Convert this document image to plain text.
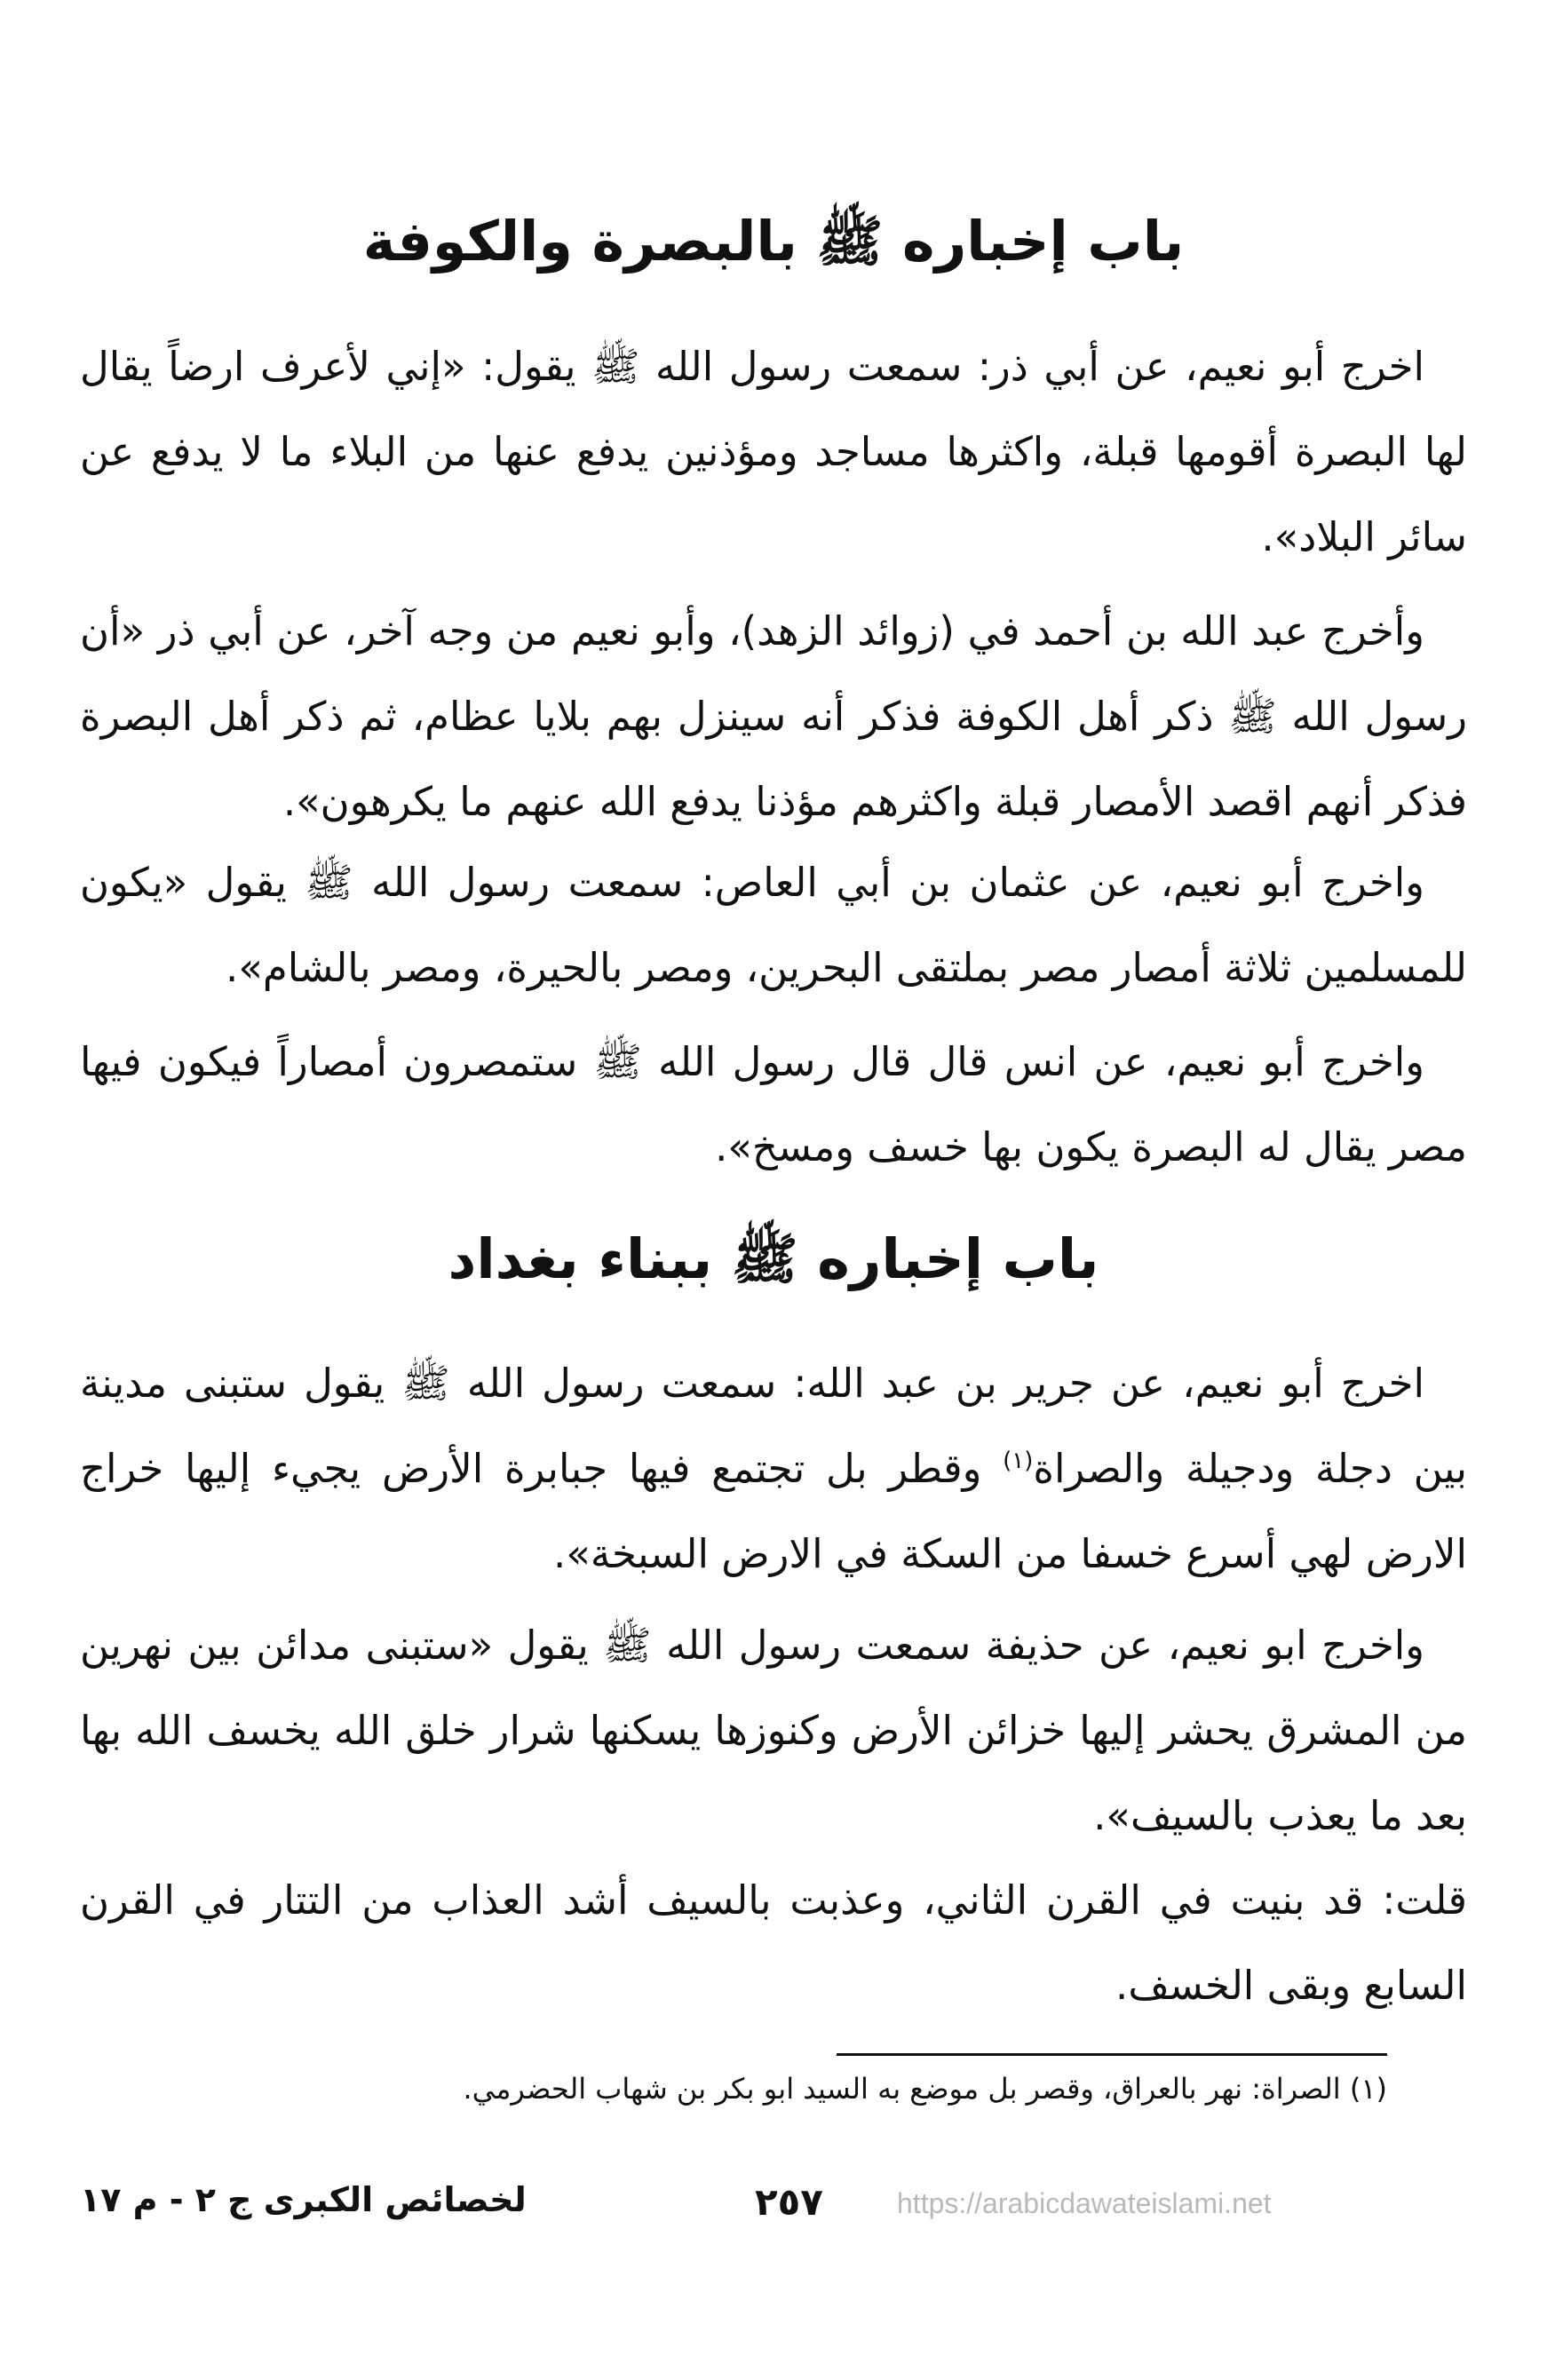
باب إخباره ﷺ بالبصرة والكوفة

اخرج أبو نعيم، عن أبي ذر: سمعت رسول الله ﷺ يقول: «إني لأعرف ارضاً يقال لها البصرة أقومها قبلة، واكثرها مساجد ومؤذنين يدفع عنها من البلاء ما لا يدفع عن سائر البلاد».

وأخرج عبد الله بن أحمد في (زوائد الزهد)، وأبو نعيم من وجه آخر، عن أبي ذر «أن رسول الله ﷺ ذكر أهل الكوفة فذكر أنه سينزل بهم بلايا عظام، ثم ذكر أهل البصرة فذكر أنهم اقصد الأمصار قبلة واكثرهم مؤذنا يدفع الله عنهم ما يكرهون».

واخرج أبو نعيم، عن عثمان بن أبي العاص: سمعت رسول الله ﷺ يقول «يكون للمسلمين ثلاثة أمصار مصر بملتقى البحرين، ومصر بالحيرة، ومصر بالشام».

واخرج أبو نعيم، عن انس قال قال رسول الله ﷺ ستمصرون أمصاراً فيكون فيها مصر يقال له البصرة يكون بها خسف ومسخ».

باب إخباره ﷺ ببناء بغداد

اخرج أبو نعيم، عن جرير بن عبد الله: سمعت رسول الله ﷺ يقول ستبنى مدينة بين دجلة ودجيلة والصراة$^{(١)}$ وقطر بل تجتمع فيها جبابرة الأرض يجيء إليها خراج الارض لهي أسرع خسفا من السكة في الارض السبخة».

واخرج ابو نعيم، عن حذيفة سمعت رسول الله ﷺ يقول «ستبنى مدائن بين نهرين من المشرق يحشر إليها خزائن الأرض وكنوزها يسكنها شرار خلق الله يخسف الله بها بعد ما يعذب بالسيف».

قلت: قد بنيت في القرن الثاني، وعذبت بالسيف أشد العذاب من التتار في القرن السابع وبقى الخسف.

(١) الصراة: نهر بالعراق، وقصر بل موضع به السيد ابو بكر بن شهاب الحضرمي.

لخصائص الكبرى ج ٢ - م ١٧	٢٥٧	https://arabicdawateislami.net
